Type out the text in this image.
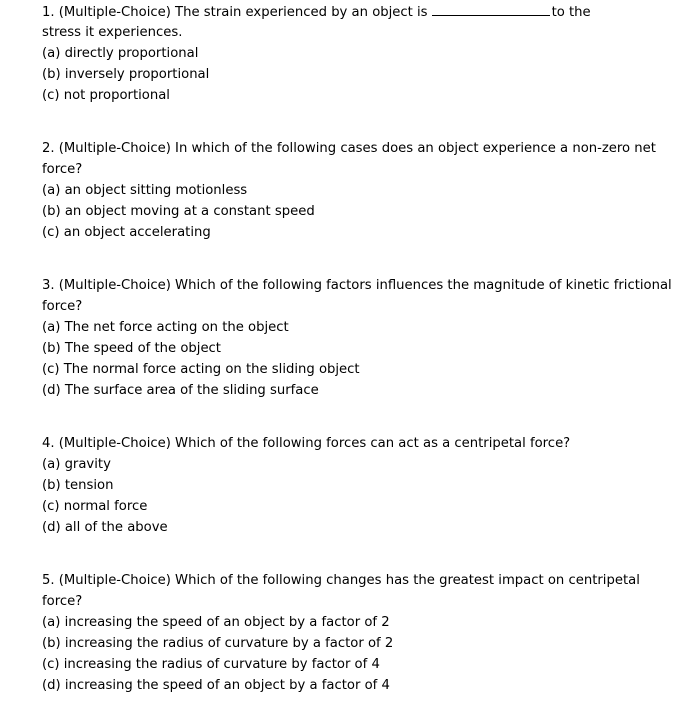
1. (Multiple-Choice) The strain experienced by an object is	to the
stress it experiences.
(a) directly proportional
(b) inversely proportional
(c) not proportional
2. (Multiple-Choice) In which of the following cases does an object experience a non-zero net
force?
(a) an object sitting motionless
(b) an object moving at a constant speed
(c) an object accelerating
3. (Multiple-Choice) Which of the following factors influences the magnitude of kinetic frictional
force?
(a) The net force acting on the object
(b) The speed of the object
(c) The normal force acting on the sliding object
(d) The surface area of the sliding surface
4. (Multiple-Choice) Which of the following forces can act as a centripetal force?
(a) gravity
(b) tension
(c) normal force
(d) all of the above
5. (Multiple-Choice) Which of the following changes has the greatest impact on centripetal
force?
(a) increasing the speed of an object by a factor of 2
(b) increasing the radius of curvature by a factor of 2
(c) increasing the radius of curvature by factor of 4
(d) increasing the speed of an object by a factor of 4
